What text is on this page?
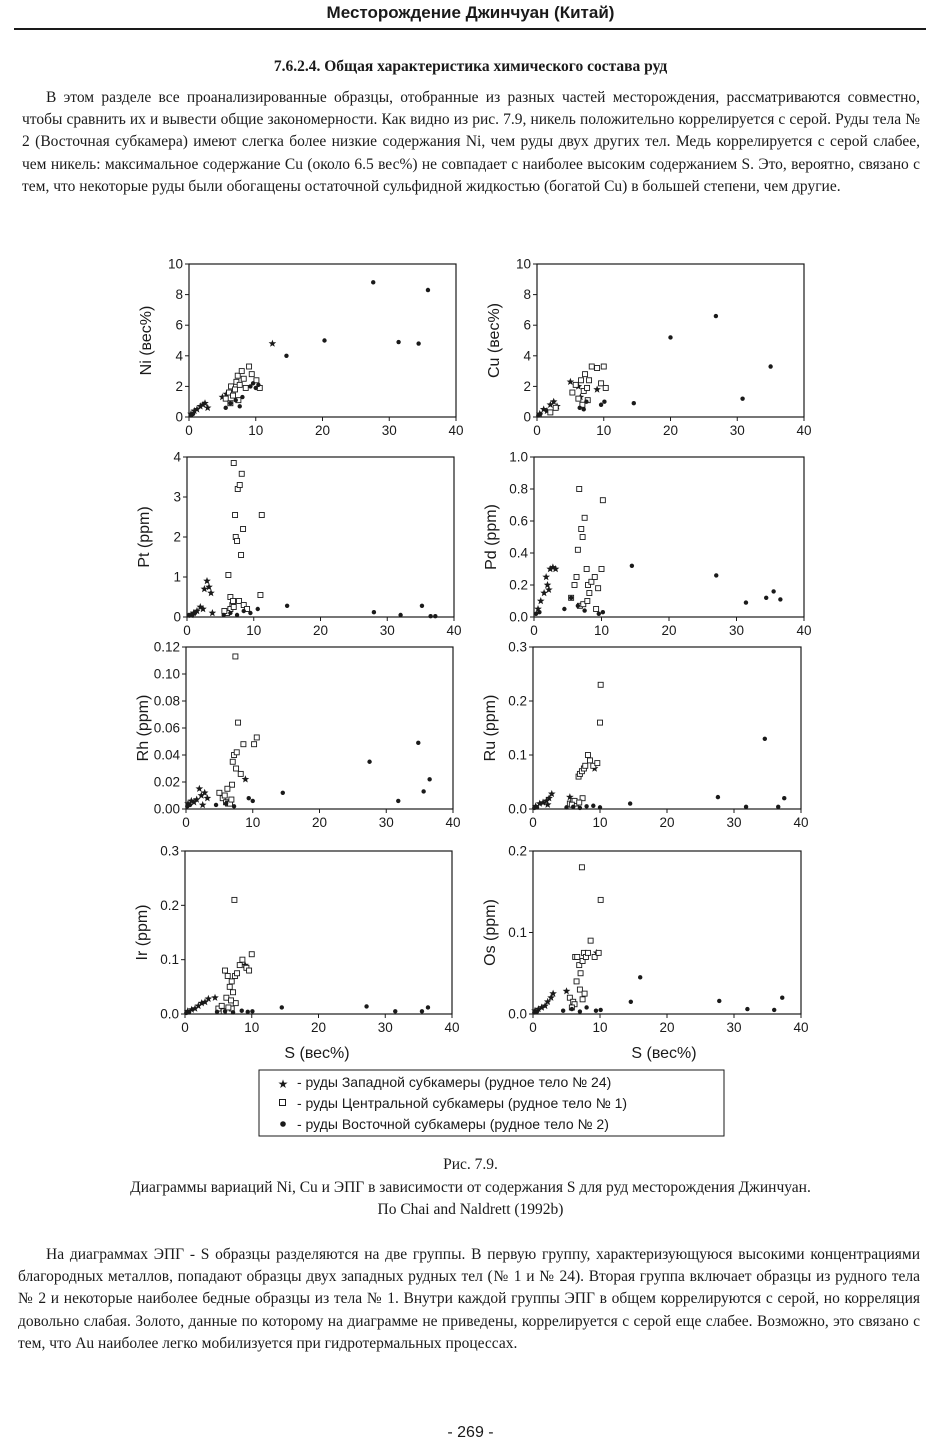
Месторождение Джинчуан (Китай)
7.6.2.4. Общая характеристика химического состава руд

В этом разделе все проанализированные образцы, отобранные из разных частей месторождения, рассматриваются совместно, чтобы сравнить их и вывести общие закономерности. Как видно из рис. 7.9, никель положительно коррелируется с серой. Руды тела № 2 (Восточная субкамера) имеют слегка более низкие содержания Ni, чем руды двух других тел. Медь коррелируется с серой слабее, чем никель: максимальное содержание Cu (около 6.5 вес%) не совпадает с наиболее высоким содержанием S. Это, вероятно, связано с тем, что некоторые руды были обогащены остаточной сульфидной жидкостью (богатой Cu) в большей степени, чем другие.

0
2
4
6
8
10
0	10	20	30	40
Ni (вес%)
0
2
4
6
8
10
0	10	20	30	40
Cu (вес%)
0
1
2
3
4
0	10	20	30	40
Pt (ppm)
0.0
0.2
0.4
0.6
0.8
1.0
0	10	20	30	40
Pd (ppm)
0.00
0.02
0.04
0.06
0.08
0.10
0.12
0	10	20	30	40
Rh (ppm)
0.0
0.1
0.2
0.3
0	10	20	30	40
Ru (ppm)
0.0
0.1
0.2
0.3
0	10	20	30	40
Ir (ppm)
0.0
0.1
0.2
0	10	20	30	40
Os (ppm)
S (вес%)	S (вес%)
★ - руды Западной субкамеры (рудное тело № 24)
- руды Центральной субкамеры (рудное тело № 1)
- руды Восточной субкамеры (рудное тело № 2)
Рис. 7.9.
Диаграммы вариаций Ni, Cu и ЭПГ в зависимости от содержания S для руд месторождения Джинчуан.
По Chai and Naldrett (1992b)

На диаграммах ЭПГ - S образцы разделяются на две группы. В первую группу, характеризующуюся высокими концентрациями благородных металлов, попадают образцы двух западных рудных тел (№ 1 и № 24). Вторая группа включает образцы из рудного тела № 2 и некоторые наиболее бедные образцы из тела № 1. Внутри каждой группы ЭПГ в общем коррелируются с серой, но корреляция довольно слабая. Золото, данные по которому на диаграмме не приведены, коррелируется с серой еще слабее. Возможно, это связано с тем, что Au наиболее легко мобилизуется при гидротермальных процессах.

- 269 -
